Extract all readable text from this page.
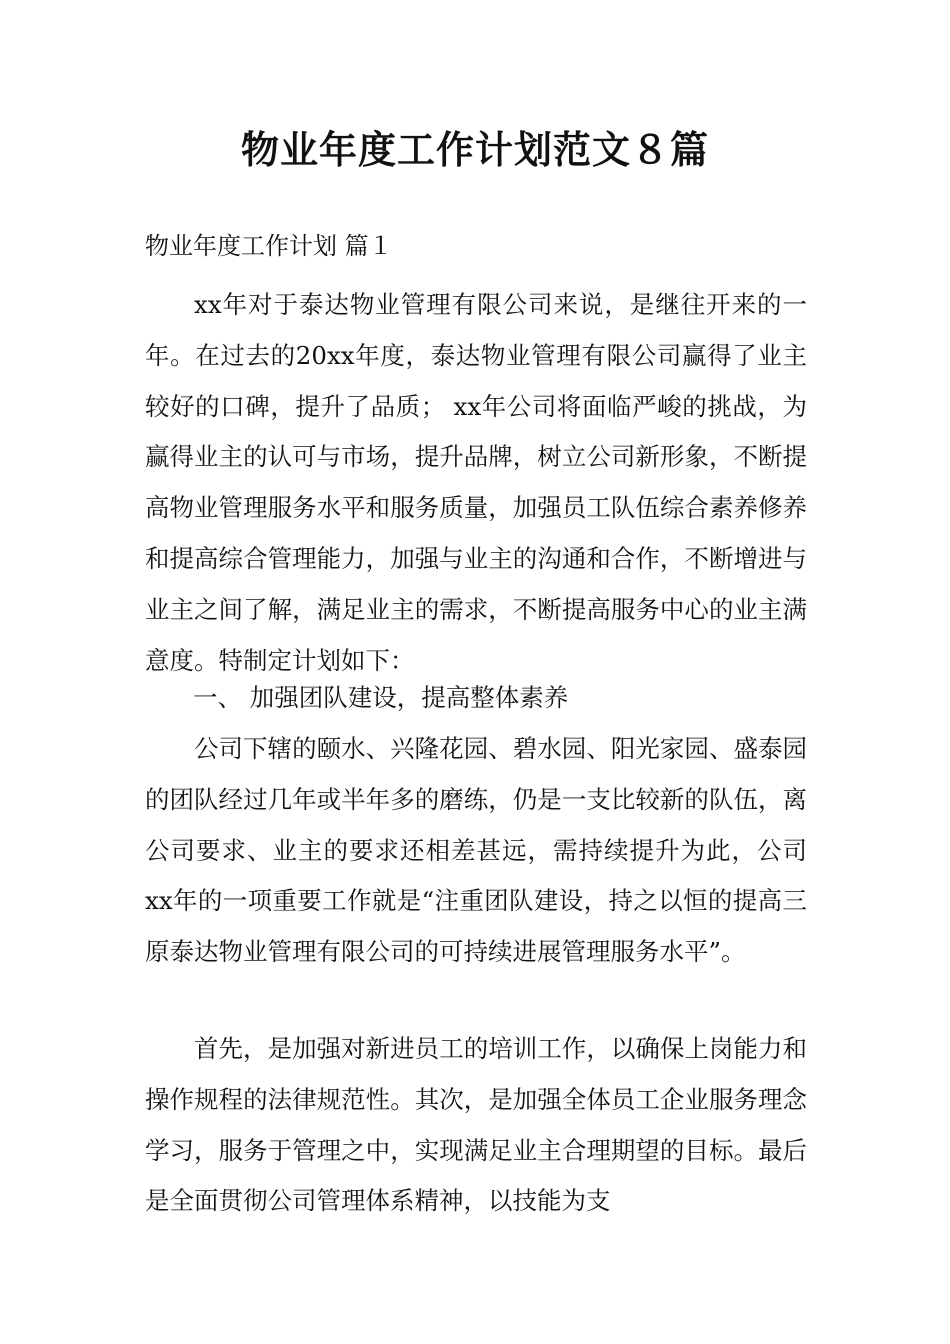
物业年度工作计划范文８篇
物业年度工作计划 篇１

xx年对于泰达物业管理有限公司来说，是继往开来的一年。在过去的20xx年度，泰达物业管理有限公司赢得了业主较好的口碑，提升了品质； xx年公司将面临严峻的挑战，为赢得业主的认可与市场，提升品牌，树立公司新形象，不断提高物业管理服务水平和服务质量，加强员工队伍综合素养修养和提高综合管理能力，加强与业主的沟通和合作，不断增进与业主之间了解，满足业主的需求，不断提高服务中心的业主满意度。特制定计划如下：

一、 加强团队建设，提高整体素养

公司下辖的颐水、兴隆花园、碧水园、阳光家园、盛泰园的团队经过几年或半年多的磨练，仍是一支比较新的队伍，离公司要求、业主的要求还相差甚远，需持续提升为此，公司xx年的一项重要工作就是“注重团队建设，持之以恒的提高三原泰达物业管理有限公司的可持续进展管理服务水平”。

首先，是加强对新进员工的培训工作，以确保上岗能力和操作规程的法律规范性。其次，是加强全体员工企业服务理念学习，服务于管理之中，实现满足业主合理期望的目标。最后是全面贯彻公司管理体系精神，以技能为支
